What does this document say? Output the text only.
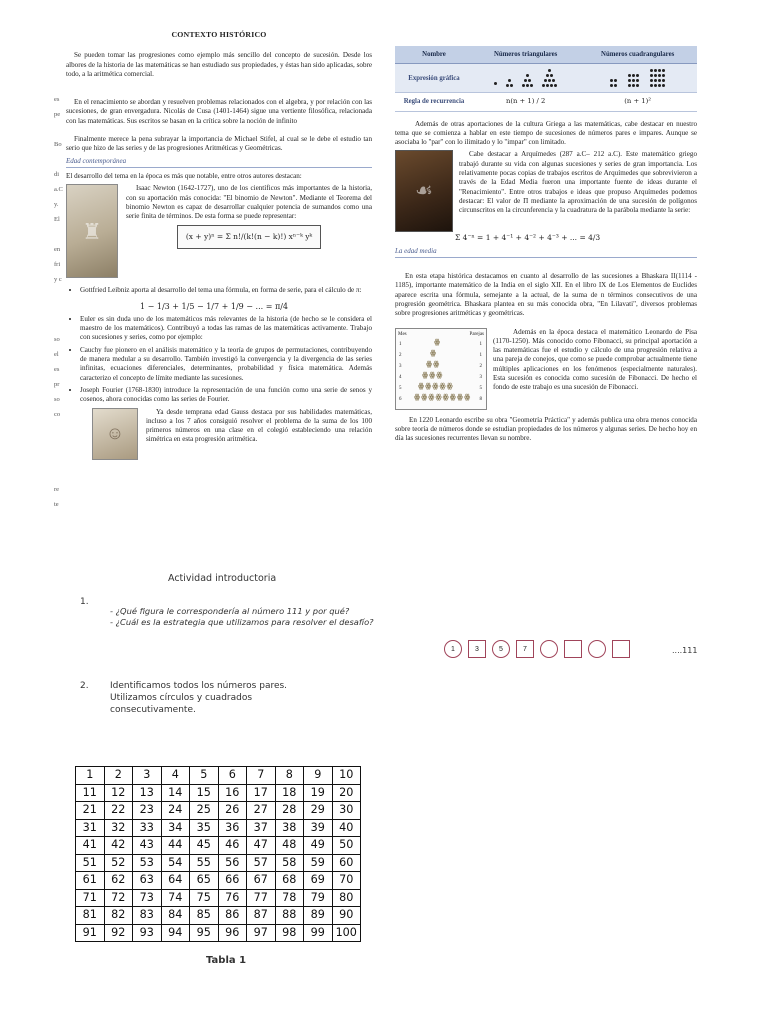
es
pe
Bo
di
a.C
y.
El
en
fri
y c
so
el
es
pr
so
co
re
te
CONTEXTO HISTÓRICO

Se pueden tomar las progresiones como ejemplo más sencillo del concepto de sucesión. Desde los albores de la historia de las matemáticas se han estudiado sus propiedades, y éstas han sido aplicadas, sobre todo, a la aritmética comercial.

En el renacimiento se abordan y resuelven problemas relacionados con el algebra, y por relación con las sucesiones, de gran envergadura. Nicolás de Cusa (1401-1464) sigue una vertiente filosófica, relacionada con las matemáticas. Sus escritos se basan en la crítica sobre la noción de infinito

Finalmente merece la pena subrayar la importancia de Michael Stifel, al cual se le debe el estudio tan serio que hizo de las series y de las progresiones Aritméticas y Geométricas.

Edad contemporánea

El desarrollo del tema en la época es más que notable, entre otros autores destacan:

♜

Isaac Newton (1642-1727), uno de los científicos más importantes de la historia, con su aportación más conocida: "El binomio de Newton". Mediante el Teorema del binomio Newton es capaz de desarrollar cualquier potencia de sumandos como una serie finita de términos. De esta forma se puede representar:

(x + y)ⁿ = Σ n!/(k!(n − k)!) xⁿ⁻ᵏ yᵏ
• Gottfried Leibniz aporta al desarrollo del tema una fórmula, en forma de serie, para el cálculo de π:
1 − 1/3 + 1/5 − 1/7 + 1/9 − ... = π/4
• Euler es sin duda uno de los matemáticos más relevantes de la historia (de hecho se le considera el maestro de los matemáticos). Contribuyó a todas las ramas de las matemáticas activamente. Trabajo con sucesiones y series, como por ejemplo:
• Cauchy fue pionero en el análisis matemático y la teoría de grupos de permutaciones, contribuyendo de manera medular a su desarrollo. También investigó la convergencia y la divergencia de las series infinitas, ecuaciones diferenciales, determinantes, probabilidad y física matemática. Además caracterizo el concepto de límite mediante las sucesiones.
• Joseph Fourier (1768-1830) introduce la representación de una función como una serie de senos y cosenos, ahora conocidas como las series de Fourier.
☺

Ya desde temprana edad Gauss destaca por sus habilidades matemáticas, incluso a los 7 años consiguió resolver el problema de la suma de los 100 primeros números en una clase en el colegió estableciendo una relación simétrica en esta progresión aritmética.

Nombre	Números triangulares	Números cuadrangulares
Expresión gráfica	

Regla de recurrencia	n(n + 1) / 2	(n + 1)²

Además de otras aportaciones de la cultura Griega a las matemáticas, cabe destacar en nuestro tema que se comienza a hablar en este tiempo de sucesiones de números pares e impares. Aunque se asociaba lo "par" con lo ilimitado y lo "impar" con limitado.

☙

Cabe destacar a Arquímedes (287 a.C– 212 a.C). Este matemático griego trabajó durante su vida con algunas sucesiones y series de gran importancia. Los relativamente pocas copias de trabajos escritos de Arquímedes que sobrevivieron a través de la Edad Media fueron una importante fuente de ideas durante el "Renacimiento". Entre otros trabajos e ideas que propuso Arquímedes podemos destacar: El valor de Π mediante la aproximación de una sucesión de polígonos circunscritos en la circunferencia y la cuadratura de la parábola mediante la serie:

Σ 4⁻ⁿ = 1 + 4⁻¹ + 4⁻² + 4⁻³ + ... = 4/3
La edad media

En esta etapa histórica destacamos en cuanto al desarrollo de las sucesiones a Bhaskara II(1114 - 1185), importante matemático de la India en el siglo XII. En el libro IX de Los Elementos de Euclides aparece escrita una fórmula, semejante a la actual, de la suma de n términos consecutivos de una progresión geométrica. Bhaskara plantea en su más conocida obra, "En Lilavati", diversos problemas sobre progresiones aritméticas y geométricas.

Mes	Parejas
1	ꙮ	1
2	ꙮ	1
3	ꙮꙮ	2
4	ꙮꙮꙮ	3
5 ꙮꙮꙮꙮꙮ	5
6 ꙮꙮꙮꙮꙮꙮꙮꙮ 8

Además en la época destaca el matemático Leonardo de Pisa (1170-1250). Más conocido como Fibonacci, su principal aportación a las matemáticas fue el estudio y cálculo de una progresión relativa a una pareja de conejos, que como se puede comprobar actualmente tiene múltiples aplicaciones en los fenómenos (especialmente naturales). Esta sucesión es conocida como sucesión de Fibonacci. De hecho el fondo de este trabajo es una sucesión de Fibonacci.

En 1220 Leonardo escribe su obra "Geometría Práctica" y además publica una obra menos conocida sobre teoría de números donde se estudian propiedades de los números y algunas series. De hecho hoy en día las sucesiones recurrentes llevan su nombre.

Actividad introductoria
1.
- ¿Qué figura le correspondería al número 111 y por qué?
- ¿Cuál es la estrategia que utilizamos para resolver el desafío?
1	3	5	7	....111
2. Identificamos todos los números pares.
Utilizamos círculos y cuadrados
consecutivamente.
1	2	3	4	5	6	7	8	9	10
11	12	13	14	15	16	17	18	19	20
21	22	23	24	25	26	27	28	29	30
31	32	33	34	35	36	37	38	39	40
41	42	43	44	45	46	47	48	49	50
51	52	53	54	55	56	57	58	59	60
61	62	63	64	65	66	67	68	69	70
71	72	73	74	75	76	77	78	79	80
81	82	83	84	85	86	87	88	89	90
91	92	93	94	95	96	97	98	99	100
Tabla 1
